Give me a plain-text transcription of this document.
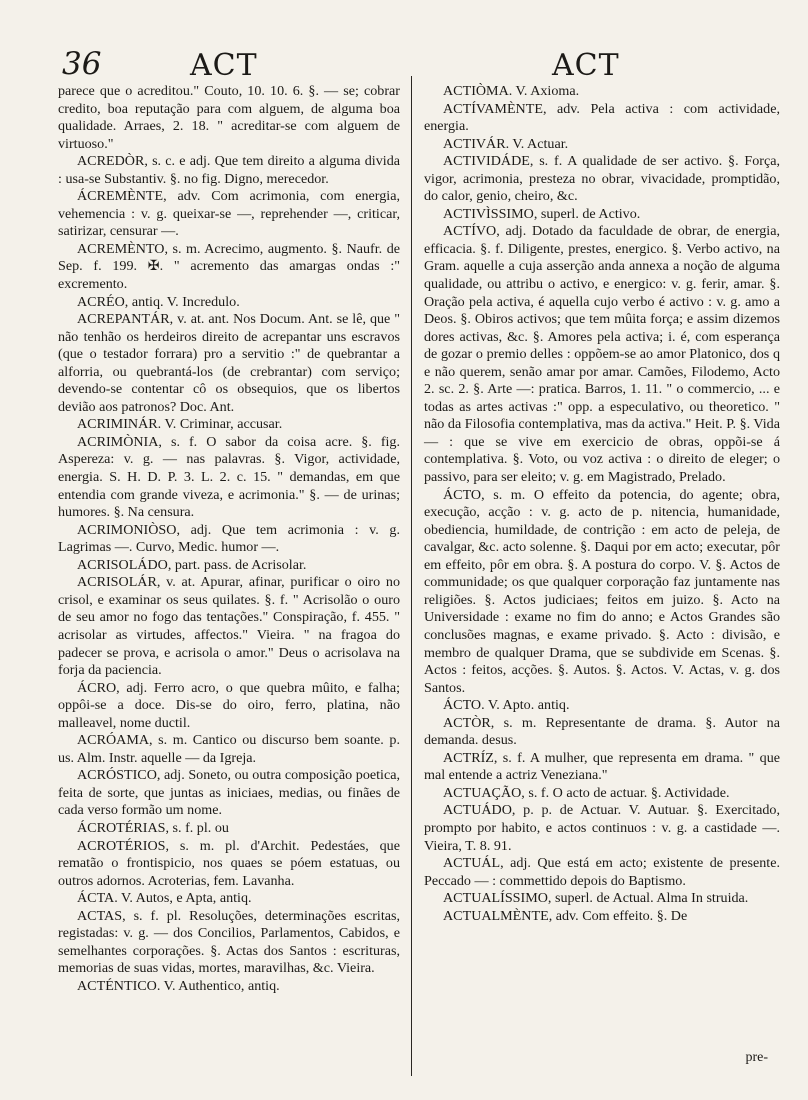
36	ACT	ACT

parece que o acreditou." Couto, 10. 10. 6. §. — se; cobrar credito, boa reputação para com alguem, de alguma boa qualidade. Arraes, 2. 18. " acreditar-se com alguem de virtuoso."

ACREDÒR, s. c. e adj. Que tem direito a alguma divida : usa-se Substantiv. §. no fig. Digno, merecedor.

ÁCREMÈNTE, adv. Com acrimonia, com energia, vehemencia : v. g. queixar-se —, reprehender —, criticar, satirizar, censurar —.

ACREMÈNTO, s. m. Acrecimo, augmento. §. Naufr. de Sep. f. 199. ✠. " acremento das amargas ondas :" excremento.

ACRÉO, antiq. V. Incredulo.

ACREPANTÁR, v. at. ant. Nos Docum. Ant. se lê, que " não tenhão os herdeiros direito de acrepantar uns escravos (que o testador forrara) pro a servitio :" de quebrantar a alforria, ou quebrantá-los (de crebrantar) com serviço; devendo-se contentar cô os obsequios, que os libertos devião aos patronos? Doc. Ant.

ACRIMINÁR. V. Criminar, accusar.

ACRIMÒNIA, s. f. O sabor da coisa acre. §. fig. Aspereza: v. g. — nas palavras. §. Vigor, actividade, energia. S. H. D. P. 3. L. 2. c. 15. " demandas, em que entendia com grande viveza, e acrimonia." §. — de urinas; humores. §. Na censura.

ACRIMONIÒSO, adj. Que tem acrimonia : v. g. Lagrimas —. Curvo, Medic. humor —.

ACRISOLÁDO, part. pass. de Acrisolar.

ACRISOLÁR, v. at. Apurar, afinar, purificar o oiro no crisol, e examinar os seus quilates. §. f. " Acrisolão o ouro de seu amor no fogo das tentações." Conspiração, f. 455. " acrisolar as virtudes, affectos." Vieira. " na fragoa do padecer se prova, e acrisola o amor." Deus o acrisolava na forja da paciencia.

ÁCRO, adj. Ferro acro, o que quebra mûito, e falha; oppôi-se a doce. Dis-se do oiro, ferro, platina, não malleavel, nome ductil.

ACRÓAMA, s. m. Cantico ou discurso bem soante. p. us. Alm. Instr. aquelle — da Igreja.

ACRÓSTICO, adj. Soneto, ou outra composição poetica, feita de sorte, que juntas as iniciaes, medias, ou finães de cada verso formão um nome.

ÁCROTÉRIAS, s. f. pl. ou

ACROTÉRIOS, s. m. pl. d'Archit. Pedestáes, que rematão o frontispicio, nos quaes se póem estatuas, ou outros adornos. Acroterias, fem. Lavanha.

ÁCTA. V. Autos, e Apta, antiq.

ACTAS, s. f. pl. Resoluções, determinações escritas, registadas: v. g. — dos Concilios, Parlamentos, Cabidos, e semelhantes corporações. §. Actas dos Santos : escrituras, memorias de suas vidas, mortes, maravilhas, &c. Vieira.

ACTÉNTICO. V. Authentico, antiq.

ACTIÒMA. V. Axioma.

ACTÍVAMÈNTE, adv. Pela activa : com actividade, energia.

ACTIVÁR. V. Actuar.

ACTIVIDÁDE, s. f. A qualidade de ser activo. §. Força, vigor, acrimonia, presteza no obrar, vivacidade, promptidão, do calor, genio, cheiro, &c.

ACTIVÌSSIMO, superl. de Activo.

ACTÍVO, adj. Dotado da faculdade de obrar, de energia, efficacia. §. f. Diligente, prestes, energico. §. Verbo activo, na Gram. aquelle a cuja asserção anda annexa a noção de alguma qualidade, ou attribu o activo, e energico: v. g. ferir, amar. §. Oração pela activa, é aquella cujo verbo é activo : v. g. amo a Deos. §. Obiros activos; que tem mûita força; e assim dizemos dores activas, &c. §. Amores pela activa; i. é, com esperança de gozar o premio delles : oppõem-se ao amor Platonico, dos q e não querem, senão amar por amar. Camões, Filodemo, Acto 2. sc. 2. §. Arte —: pratica. Barros, 1. 11. " o commercio, ... e todas as artes activas :" opp. a especulativo, ou theoretico. " não da Filosofia contemplativa, mas da activa." Heit. P. §. Vida — : que se vive em exercicio de obras, oppõi-se á contemplativa. §. Voto, ou voz activa : o direito de eleger; o passivo, para ser eleito; v. g. em Magistrado, Prelado.

ÁCTO, s. m. O effeito da potencia, do agente; obra, execução, acção : v. g. acto de p. nitencia, humanidade, obediencia, humildade, de contrição : em acto de peleja, de cavalgar, &c. acto solenne. §. Daqui por em acto; executar, pôr em effeito, pôr em obra. §. A postura do corpo. V. §. Actos de communidade; os que qualquer corporação faz juntamente nas religiões. §. Actos judiciaes; feitos em juizo. §. Acto na Universidade : exame no fim do anno; e Actos Grandes são conclusões magnas, e exame privado. §. Acto : divisão, e membro de qualquer Drama, que se subdivide em Scenas. §. Actos : feitos, acções. §. Autos. §. Actos. V. Actas, v. g. dos Santos.

ÁCTO. V. Apto. antiq.

ACTÒR, s. m. Representante de drama. §. Autor na demanda. desus.

ACTRÍZ, s. f. A mulher, que representa em drama. " que mal entende a actriz Veneziana."

ACTUAÇÃO, s. f. O acto de actuar. §. Actividade.

ACTUÁDO, p. p. de Actuar. V. Autuar. §. Exercitado, prompto por habito, e actos continuos : v. g. a castidade —. Vieira, T. 8. 91.

ACTUÁL, adj. Que está em acto; existente de presente. Peccado — : commettido depois do Baptismo.

ACTUALÍSSIMO, superl. de Actual. Alma In struida.

ACTUALMÈNTE, adv. Com effeito. §. De

pre-
